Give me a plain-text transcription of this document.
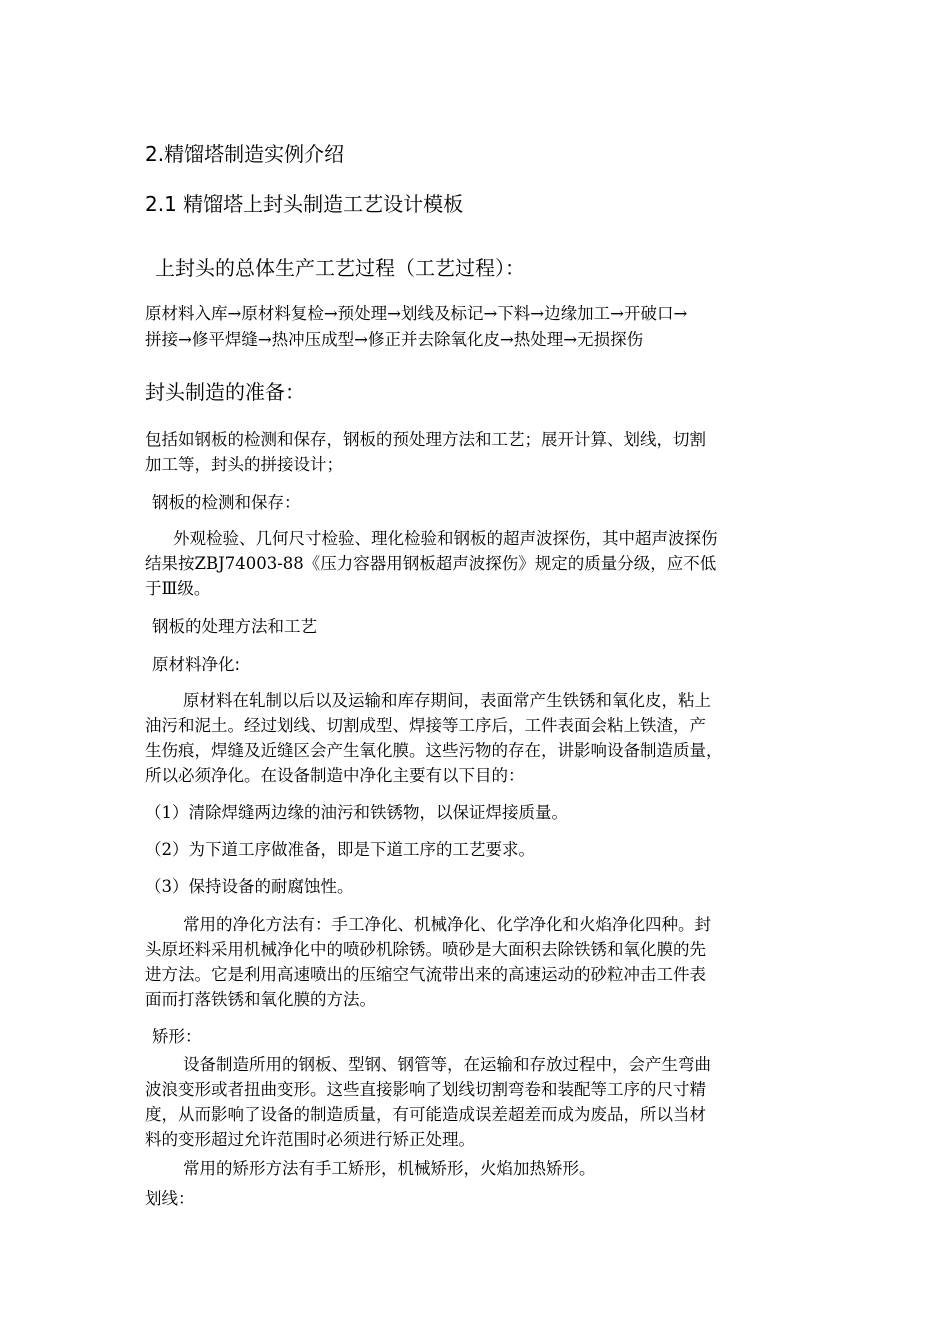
2.精馏塔制造实例介绍
2.1 精馏塔上封头制造工艺设计模板
上封头的总体生产工艺过程（工艺过程）：
原材料入库→原材料复检→预处理→划线及标记→下料→边缘加工→开破口→
拼接→修平焊缝→热冲压成型→修正并去除氧化皮→热处理→无损探伤
封头制造的准备：
包括如钢板的检测和保存，钢板的预处理方法和工艺；展开计算、划线，切割
加工等，封头的拼接设计；
钢板的检测和保存：
外观检验、几何尺寸检验、理化检验和钢板的超声波探伤，其中超声波探伤
结果按ZBJ74003-88《压力容器用钢板超声波探伤》规定的质量分级，应不低
于Ⅲ级。
钢板的处理方法和工艺
原材料净化:
原材料在轧制以后以及运输和库存期间，表面常产生铁锈和氧化皮，粘上
油污和泥土。经过划线、切割成型、焊接等工序后，工件表面会粘上铁渣，产
生伤痕，焊缝及近缝区会产生氧化膜。这些污物的存在，讲影响设备制造质量，
所以必须净化。在设备制造中净化主要有以下目的：
（1）清除焊缝两边缘的油污和铁锈物，以保证焊接质量。
（2）为下道工序做准备，即是下道工序的工艺要求。
（3）保持设备的耐腐蚀性。
常用的净化方法有：手工净化、机械净化、化学净化和火焰净化四种。封
头原坯料采用机械净化中的喷砂机除锈。喷砂是大面积去除铁锈和氧化膜的先
进方法。它是利用高速喷出的压缩空气流带出来的高速运动的砂粒冲击工件表
面而打落铁锈和氧化膜的方法。
矫形：
设备制造所用的钢板、型钢、钢管等，在运输和存放过程中，会产生弯曲
波浪变形或者扭曲变形。这些直接影响了划线切割弯卷和装配等工序的尺寸精
度，从而影响了设备的制造质量，有可能造成误差超差而成为废品，所以当材
料的变形超过允许范围时必须进行矫正处理。
常用的矫形方法有手工矫形，机械矫形，火焰加热矫形。
划线：
